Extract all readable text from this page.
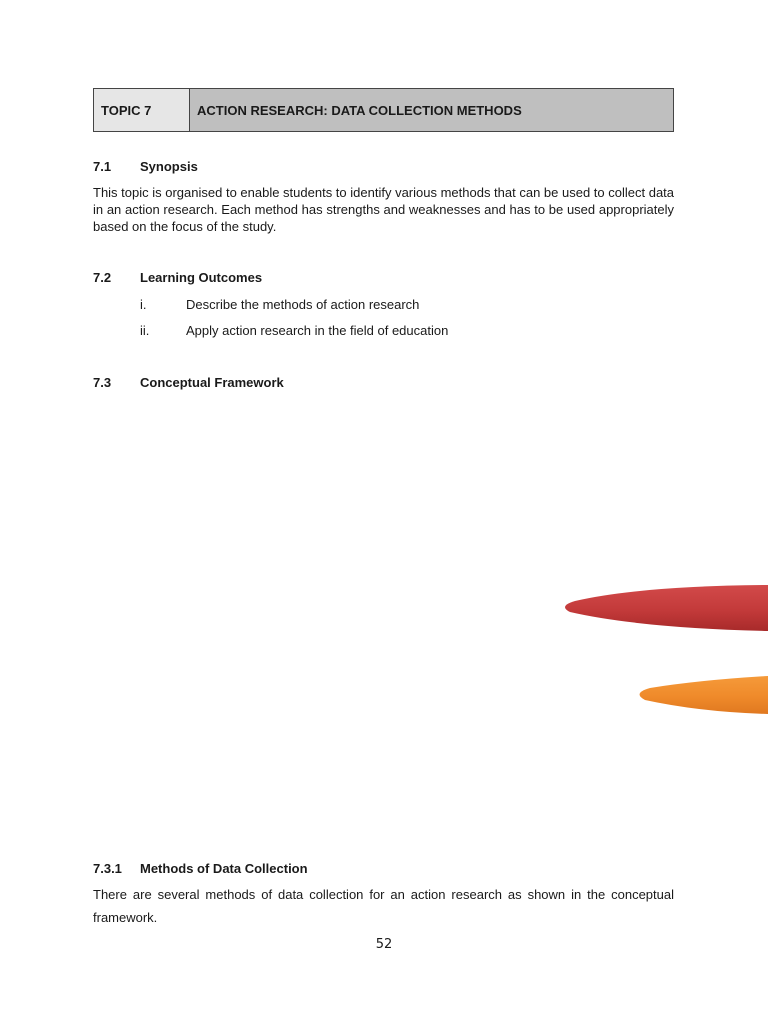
TOPIC 7	ACTION RESEARCH: DATA COLLECTION METHODS
7.1 Synopsis
This topic is organised to enable students to identify various methods that can be used to collect data in an action research. Each method has strengths and weaknesses and has to be used appropriately based on the focus of the study.
7.2 Learning Outcomes
i.	Describe the methods of action research
ii.	Apply action research in the field of education
7.3 Conceptual Framework
7.3.1 Methods of Data Collection
There are several methods of data collection for an action research as shown in the conceptual framework.
52
